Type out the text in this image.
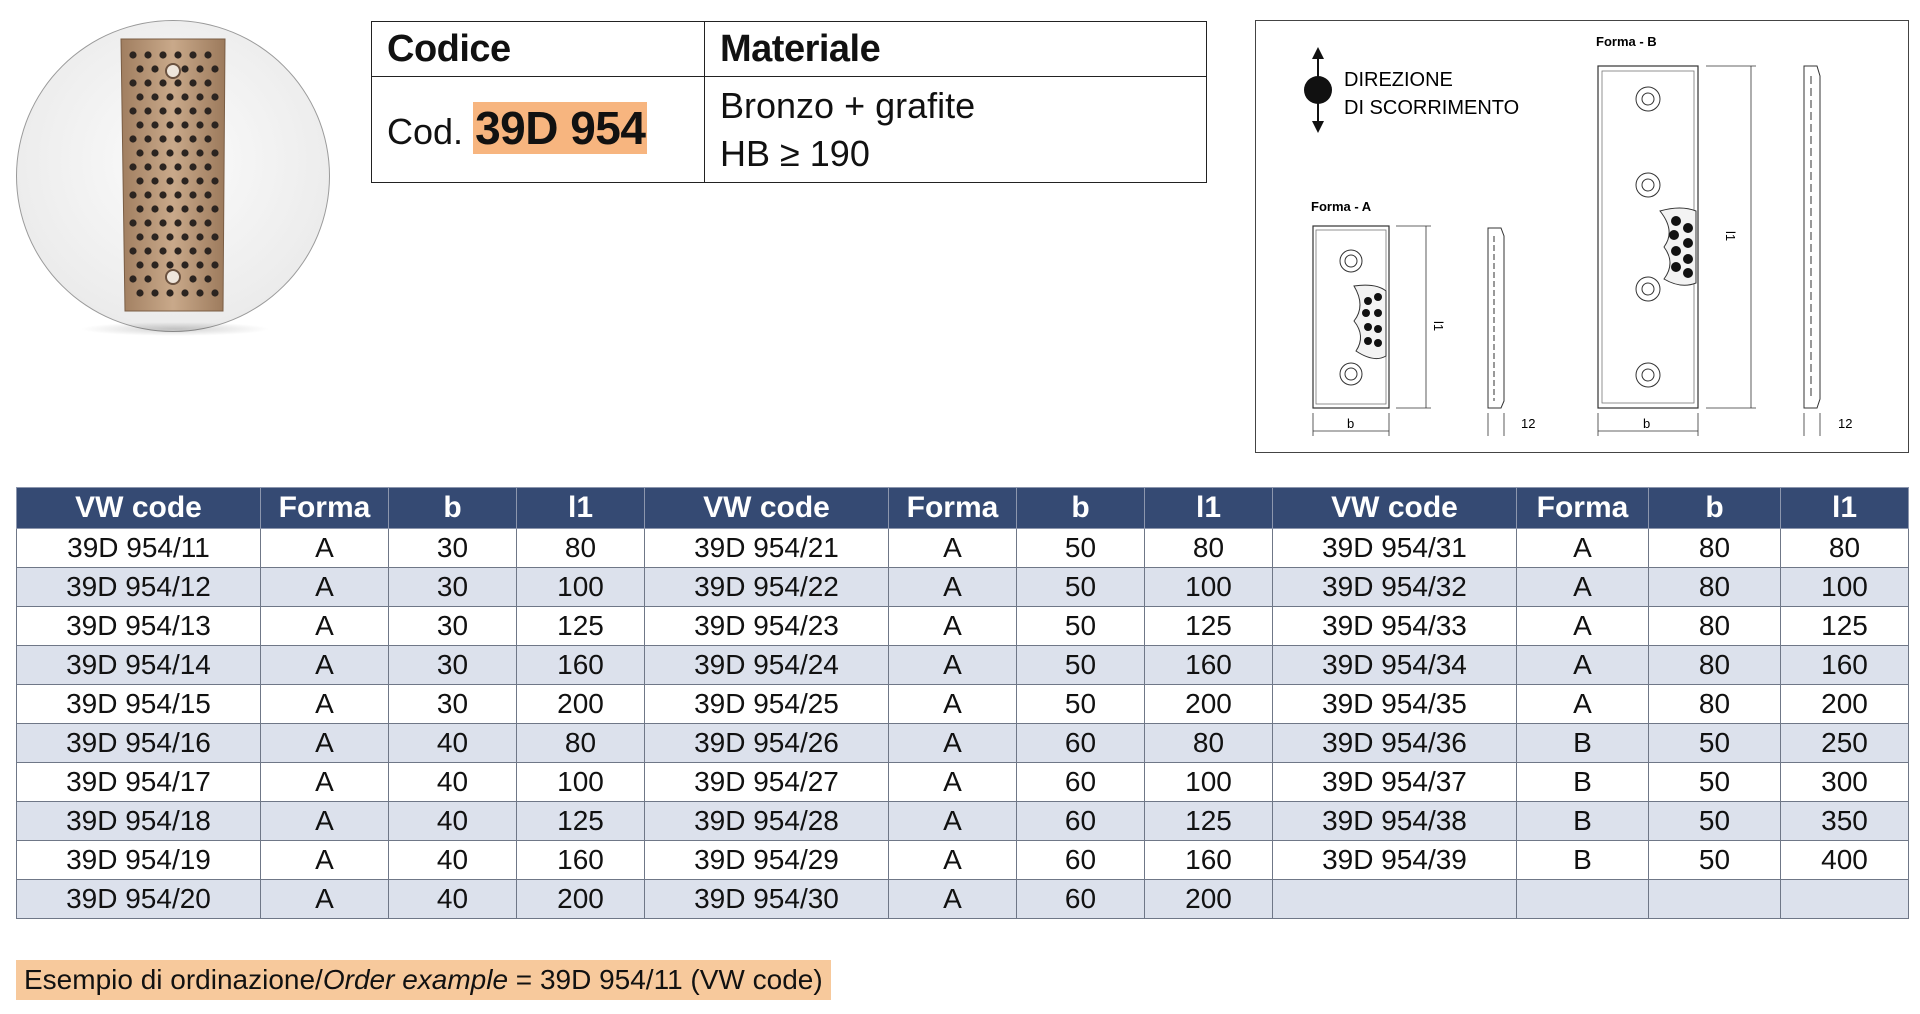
Codice	Materiale
Cod. 39D 954	Bronzo + grafite
HB ≥ 190
DIREZIONE
DI SCORRIMENTO
Forma - A
b
l1
12
Forma - B
b
l1
12
VW code	Forma	b	l1	VW code	Forma	b	l1	VW code	Forma	b	l1
39D 954/11	A	30	80	39D 954/21	A	50	80	39D 954/31	A	80	80
39D 954/12	A	30	100	39D 954/22	A	50	100	39D 954/32	A	80	100
39D 954/13	A	30	125	39D 954/23	A	50	125	39D 954/33	A	80	125
39D 954/14	A	30	160	39D 954/24	A	50	160	39D 954/34	A	80	160
39D 954/15	A	30	200	39D 954/25	A	50	200	39D 954/35	A	80	200
39D 954/16	A	40	80	39D 954/26	A	60	80	39D 954/36	B	50	250
39D 954/17	A	40	100	39D 954/27	A	60	100	39D 954/37	B	50	300
39D 954/18	A	40	125	39D 954/28	A	60	125	39D 954/38	B	50	350
39D 954/19	A	40	160	39D 954/29	A	60	160	39D 954/39	B	50	400
39D 954/20	A	40	200	39D 954/30	A	60	200				
Esempio di ordinazione/Order example = 39D 954/11 (VW code)
